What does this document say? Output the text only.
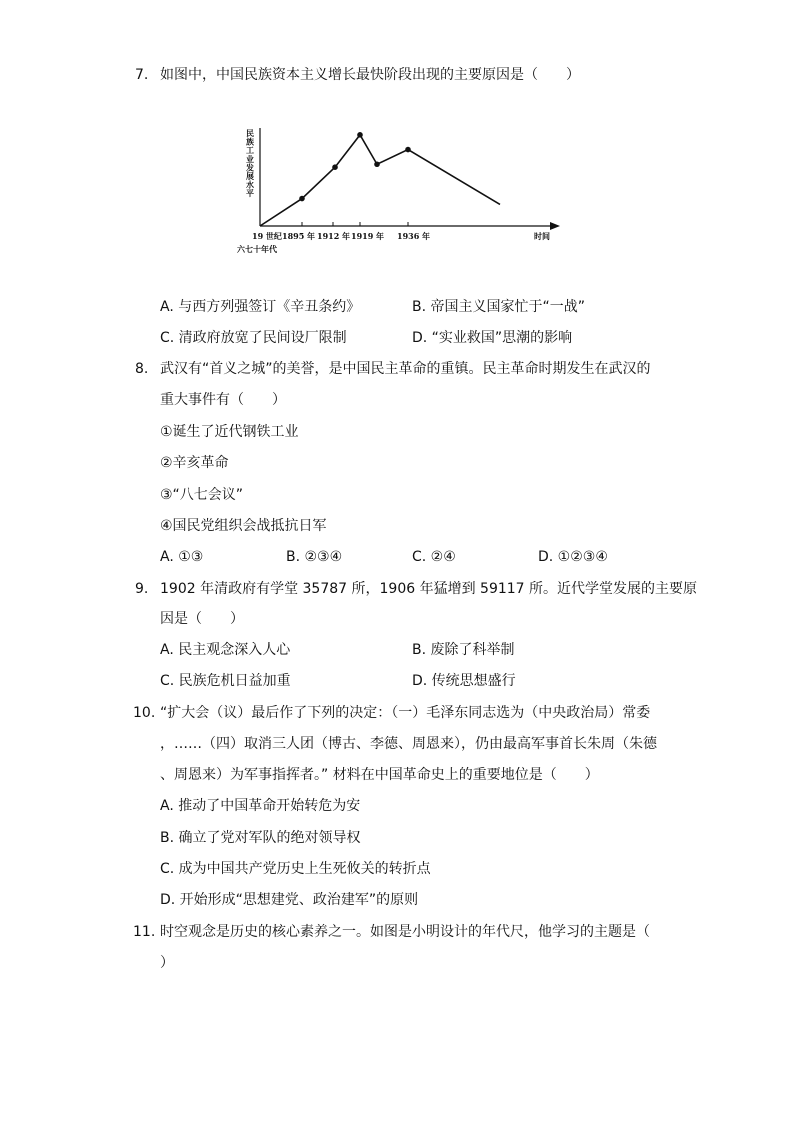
7. 如图中，中国民族资本主义增长最快阶段出现的主要原因是（　　）
民族工业发展水平
19 世纪
六七十年代
1895 年 1912 年 1919 年 1936 年	时间
A. 与西方列强签订《辛丑条约》	B. 帝国主义国家忙于“一战”
C. 清政府放宽了民间设厂限制	D. “实业救国”思潮的影响
8. 武汉有“首义之城”的美誉，是中国民主革命的重镇。民主革命时期发生在武汉的
重大事件有（　　）
①诞生了近代钢铁工业
②辛亥革命
③“八七会议”
④国民党组织会战抵抗日军
A. ①③	B. ②③④	C. ②④	D. ①②③④
9. 1902 年清政府有学堂 35787 所，1906 年猛增到 59117 所。近代学堂发展的主要原
因是（　　）
A. 民主观念深入人心	B. 废除了科举制
C. 民族危机日益加重	D. 传统思想盛行
10. “扩大会（议）最后作了下列的决定：（一）毛泽东同志选为（中央政治局）常委
，……（四）取消三人团（博古、李德、周恩来），仍由最高军事首长朱周（朱德
、周恩来）为军事指挥者。” 材料在中国革命史上的重要地位是（　　）
A. 推动了中国革命开始转危为安
B. 确立了党对军队的绝对领导权
C. 成为中国共产党历史上生死攸关的转折点
D. 开始形成“思想建党、政治建军”的原则
11. 时空观念是历史的核心素养之一。如图是小明设计的年代尺，他学习的主题是（
）
